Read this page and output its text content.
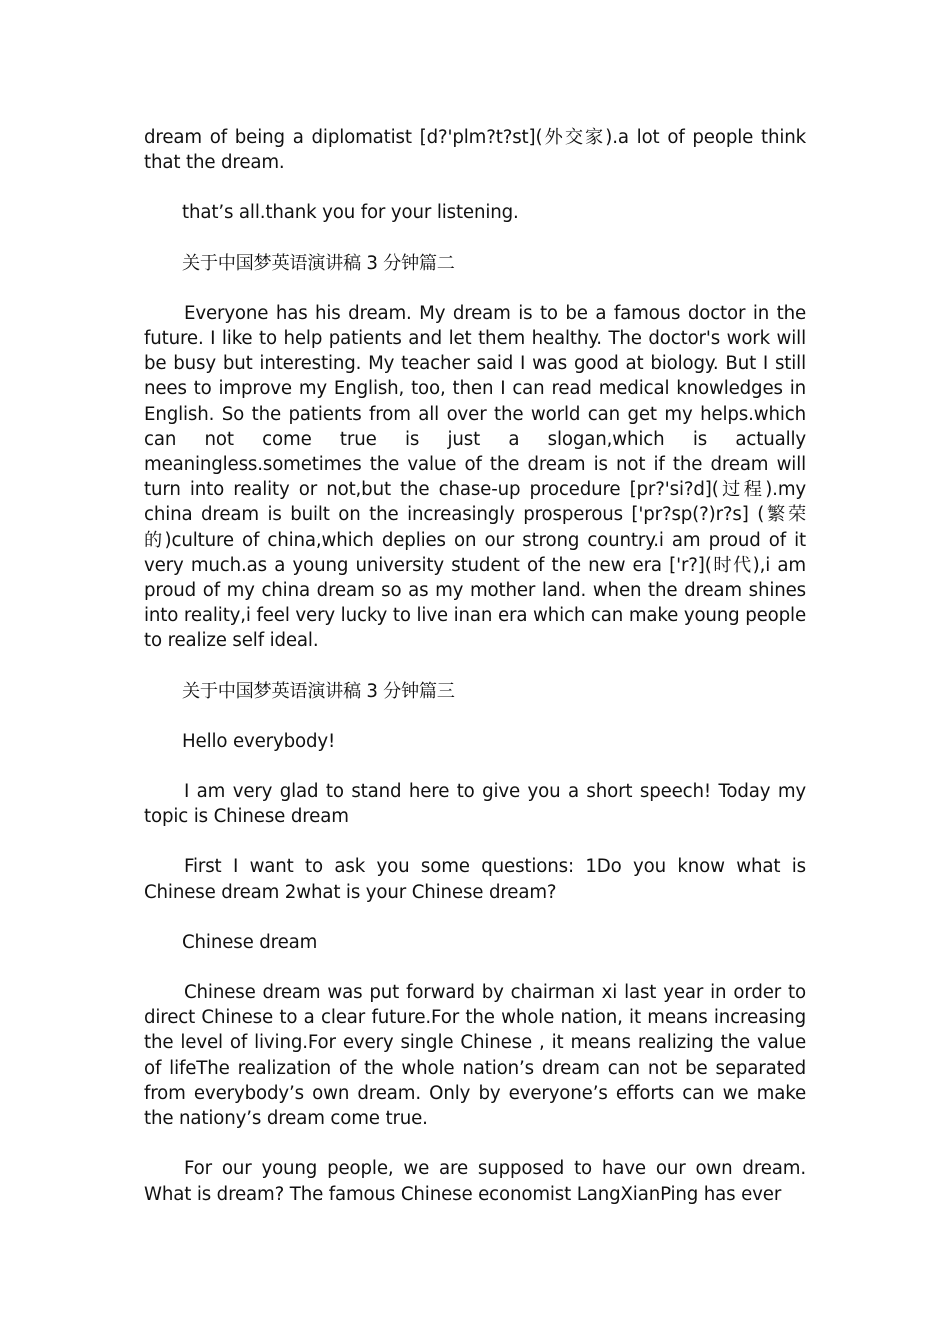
dream of being a diplomatist [d?'plm?t?st](外交家).a lot of people think that the dream.

that’s all.thank you for your listening.

关于中国梦英语演讲稿 3 分钟篇二

Everyone has his dream. My dream is to be a famous doctor in the future. I like to help patients and let them healthy. The doctor's work will be busy but interesting. My teacher said I was good at biology. But I still nees to improve my English, too, then I can read medical knowledges in English. So the patients from all over the world can get my helps.which can not come true is just a slogan,which is actually meaningless.sometimes the value of the dream is not if the dream will turn into reality or not,but the chase-up procedure [pr?'si?d](过程).my china dream is built on the increasingly prosperous ['pr?sp(?)r?s] (繁荣的)culture of china,which deplies on our strong country.i am proud of it very much.as a young university student of the new era ['r?](时代),i am proud of my china dream so as my mother land. when the dream shines into reality,i feel very lucky to live inan era which can make young people to realize self ideal.

关于中国梦英语演讲稿 3 分钟篇三

Hello everybody!

I am very glad to stand here to give you a short speech! Today my topic is Chinese dream

First I want to ask you some questions: 1Do you know what is Chinese dream 2what is your Chinese dream?

Chinese dream

Chinese dream was put forward by chairman xi last year in order to direct Chinese to a clear future.For the whole nation, it means increasing the level of living.For every single Chinese , it means realizing the value of lifeThe realization of the whole nation’s dream can not be separated from everybody’s own dream. Only by everyone’s efforts can we make the nationy’s dream come true.

For our young people, we are supposed to have our own dream. What is dream? The famous Chinese economist LangXianPing has ever
